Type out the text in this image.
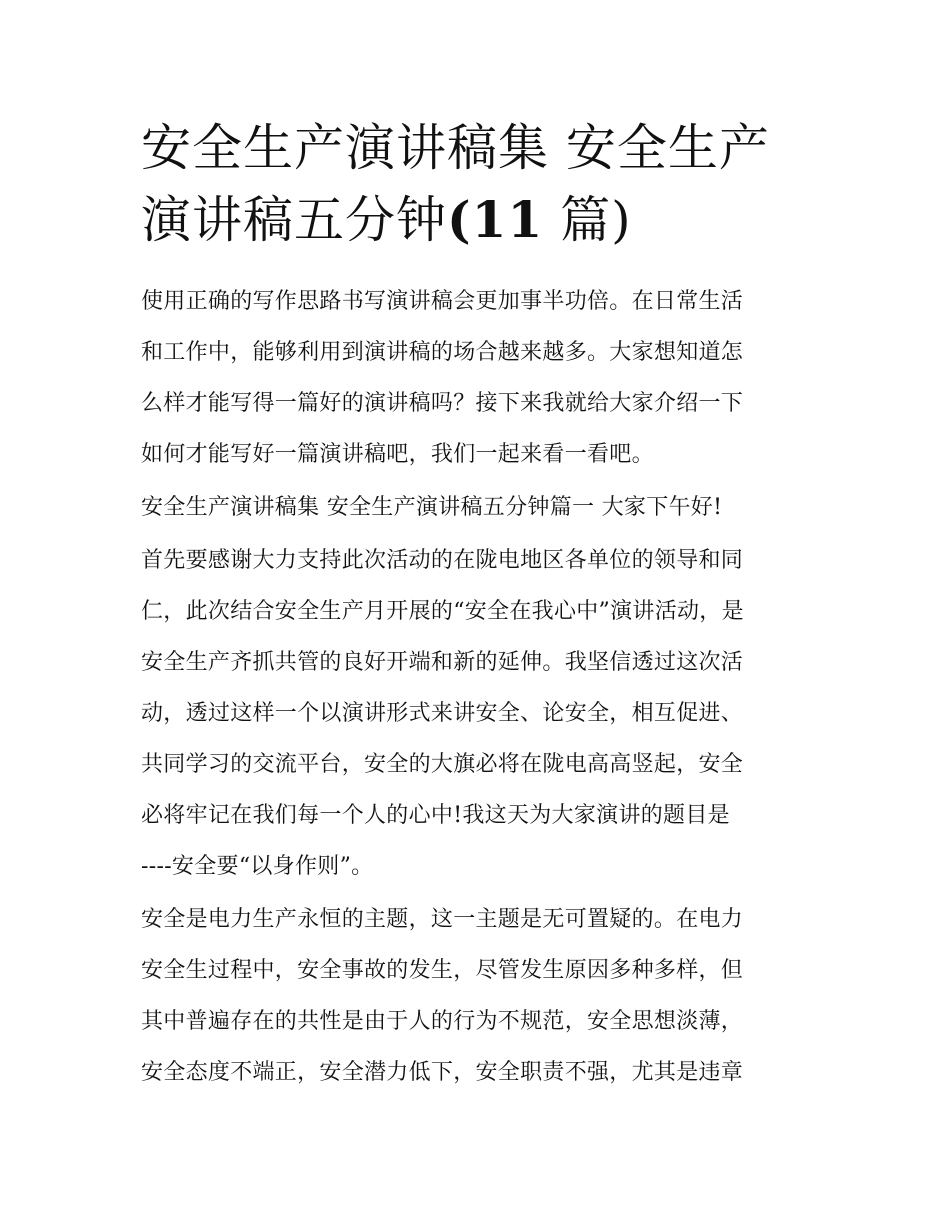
安全生产演讲稿集 安全生产演讲稿五分钟(11 篇)

使用正确的写作思路书写演讲稿会更加事半功倍。在日常生活
和工作中，能够利用到演讲稿的场合越来越多。大家想知道怎
么样才能写得一篇好的演讲稿吗？接下来我就给大家介绍一下
如何才能写好一篇演讲稿吧，我们一起来看一看吧。

安全生产演讲稿集 安全生产演讲稿五分钟篇一 大家下午好!

首先要感谢大力支持此次活动的在陇电地区各单位的领导和同
仁，此次结合安全生产月开展的“安全在我心中”演讲活动，是
安全生产齐抓共管的良好开端和新的延伸。我坚信透过这次活
动，透过这样一个以演讲形式来讲安全、论安全，相互促进、
共同学习的交流平台，安全的大旗必将在陇电高高竖起，安全
必将牢记在我们每一个人的心中!我这天为大家演讲的题目是
----安全要“以身作则”。

安全是电力生产永恒的主题，这一主题是无可置疑的。在电力
安全生过程中，安全事故的发生，尽管发生原因多种多样，但
其中普遍存在的共性是由于人的行为不规范，安全思想淡薄，
安全态度不端正，安全潜力低下，安全职责不强，尤其是违章
